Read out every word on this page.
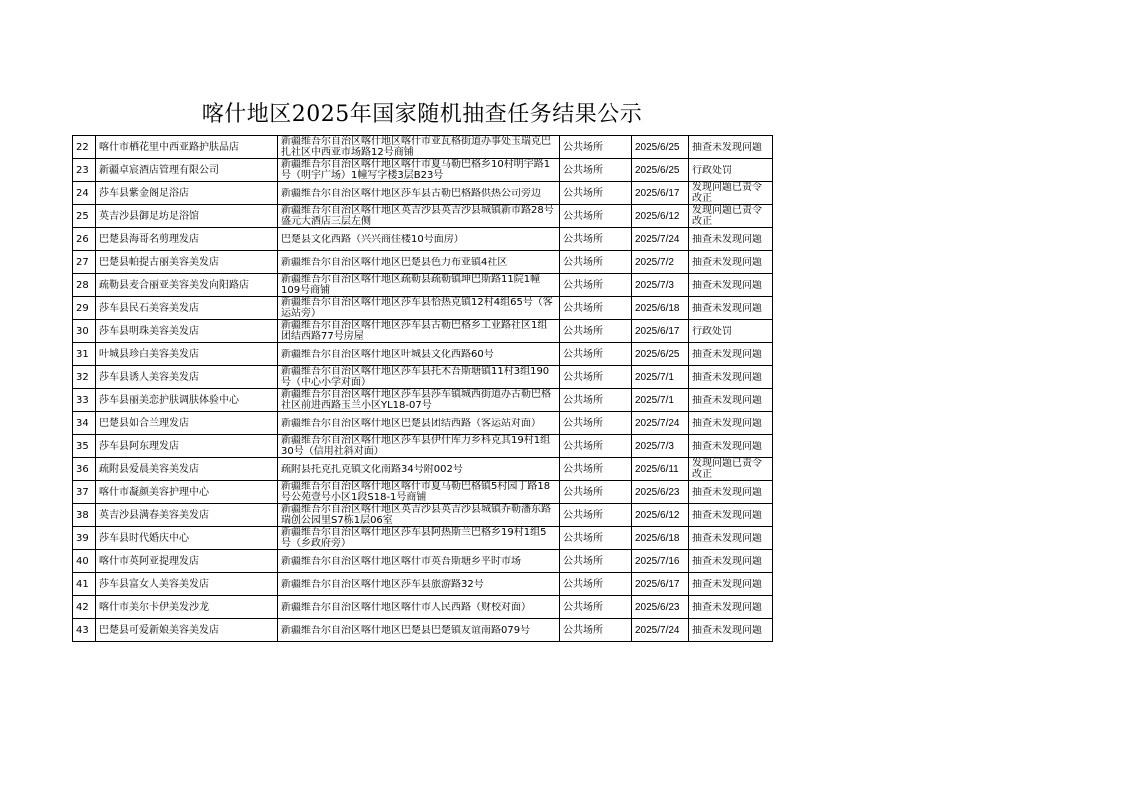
喀什地区2025年国家随机抽查任务结果公示
22	喀什市栖花里中西亚路护肤品店	新疆维吾尔自治区喀什地区喀什市亚瓦格街道办事处玉瑞克巴扎社区中西亚市场路12号商铺	公共场所	2025/6/25	抽查未发现问题

23	新疆卓宸酒店管理有限公司	新疆维吾尔自治区喀什地区喀什市夏马勒巴格乡10村明宇路1号（明宇广场）1幢写字楼3层B23号	公共场所	2025/6/25	行政处罚

24	莎车县紫金阁足浴店	新疆维吾尔自治区喀什地区莎车县古勒巴格路供热公司旁边	公共场所	2025/6/17	发现问题已责令改正

25	英吉沙县御足坊足浴馆	新疆维吾尔自治区喀什地区英吉沙县英吉沙县城镇新市路28号盛元大酒店三层左侧	公共场所	2025/6/12	发现问题已责令改正

26	巴楚县海哥名剪理发店	巴楚县文化西路（兴兴商住楼10号面房）	公共场所	2025/7/24	抽查未发现问题

27	巴楚县帕提古丽美容美发店	新疆维吾尔自治区喀什地区巴楚县色力布亚镇4社区	公共场所	2025/7/2	抽查未发现问题

28	疏勒县麦合丽亚美容美发向阳路店	新疆维吾尔自治区喀什地区疏勒县疏勒镇坤巴斯路11院1幢109号商铺	公共场所	2025/7/3	抽查未发现问题

29	莎车县民石美容美发店	新疆维吾尔自治区喀什地区莎车县恰热克镇12村4组65号（客运站旁）	公共场所	2025/6/18	抽查未发现问题

30	莎车县明珠美容美发店	新疆维吾尔自治区喀什地区莎车县古勒巴格乡工业路社区1组团结西路77号房屋	公共场所	2025/6/17	行政处罚

31	叶城县珍白美容美发店	新疆维吾尔自治区喀什地区叶城县文化西路60号	公共场所	2025/6/25	抽查未发现问题

32	莎车县诱人美容美发店	新疆维吾尔自治区喀什地区莎车县托木吾斯塘镇11村3组190号（中心小学对面）	公共场所	2025/7/1	抽查未发现问题

33	莎车县丽美恋护肤调肤体验中心	新疆维吾尔自治区喀什地区莎车县莎车镇城西街道办古勒巴格社区前进西路玉兰小区YL18-07号	公共场所	2025/7/1	抽查未发现问题

34	巴楚县如合兰理发店	新疆维吾尔自治区喀什地区巴楚县团结西路（客运站对面）	公共场所	2025/7/24	抽查未发现问题

35	莎车县阿东理发店	新疆维吾尔自治区喀什地区莎车县伊什库力乡科克其19村1组30号（信用社斜对面）	公共场所	2025/7/3	抽查未发现问题

36	疏附县爱晨美容美发店	疏附县托克扎克镇文化南路34号附002号	公共场所	2025/6/11	发现问题已责令改正

37	喀什市凝颜美容护理中心	新疆维吾尔自治区喀什地区喀什市夏马勒巴格镇5村园丁路18号公苑壹号小区1段S18-1号商铺	公共场所	2025/6/23	抽查未发现问题

38	英吉沙县满春美容美发店	新疆维吾尔自治区喀什地区英吉沙县英吉沙县城镇乔勒潘东路瑞创公园里S7栋1层06室	公共场所	2025/6/12	抽查未发现问题

39	莎车县时代婚庆中心	新疆维吾尔自治区喀什地区莎车县阿热斯兰巴格乡19村1组5号（乡政府旁）	公共场所	2025/6/18	抽查未发现问题

40	喀什市英阿亚提理发店	新疆维吾尔自治区喀什地区喀什市英吾斯塘乡平时市场	公共场所	2025/7/16	抽查未发现问题

41	莎车县富女人美容美发店	新疆维吾尔自治区喀什地区莎车县旅游路32号	公共场所	2025/6/17	抽查未发现问题

42	喀什市美尔卡伊美发沙龙	新疆维吾尔自治区喀什地区喀什市人民西路（财校对面）	公共场所	2025/6/23	抽查未发现问题

43	巴楚县可爱新娘美容美发店	新疆维吾尔自治区喀什地区巴楚县巴楚镇友谊南路079号	公共场所	2025/7/24	抽查未发现问题
